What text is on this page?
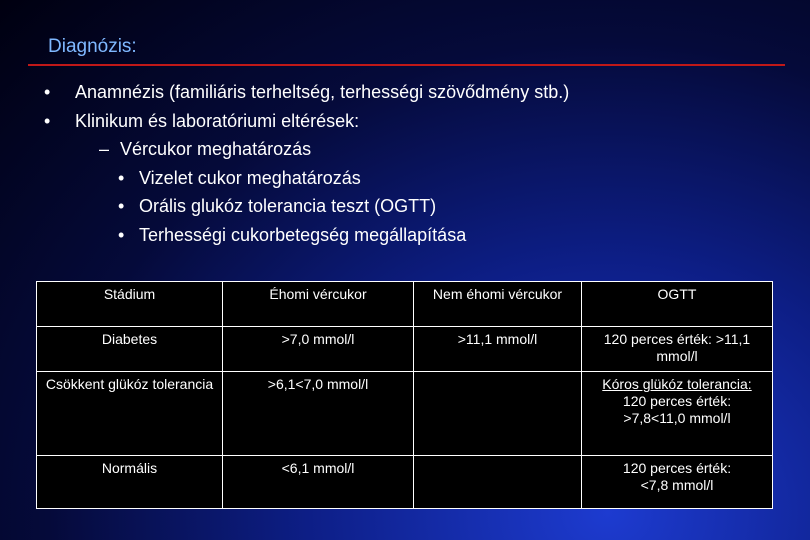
Diagnózis:
• Anamnézis (familiáris terheltség, terhességi szövődmény stb.)
• Klinikum és laboratóriumi eltérések:
– Vércukor meghatározás
• Vizelet cukor meghatározás
• Orális glukóz tolerancia teszt (OGTT)
• Terhességi cukorbetegség megállapítása
Stádium	Éhomi vércukor	Nem éhomi vércukor	OGTT
Diabetes	>7,0 mmol/l	>11,1 mmol/l	120 perces érték: >11,1 mmol/l
Csökkent glükóz tolerancia	>6,1<7,0 mmol/l		Kóros glükóz tolerancia:
120 perces érték:
>7,8<11,0 mmol/l

Normális	<6,1 mmol/l		120 perces érték:
<7,8 mmol/l
